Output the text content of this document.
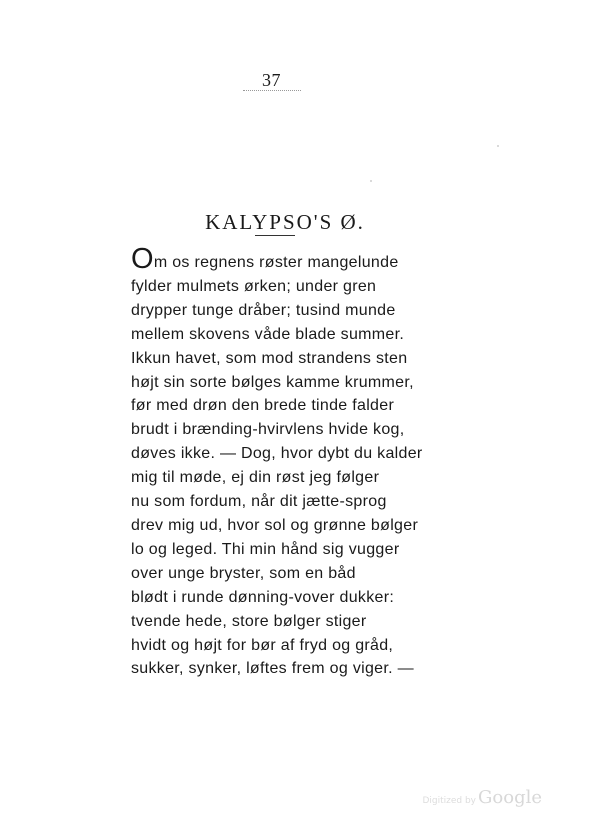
37
KALYPSO'S Ø.
Om os regnens røster mangelunde
fylder mulmets ørken; under gren
drypper tunge dråber; tusind munde
mellem skovens våde blade summer.
Ikkun havet, som mod strandens sten
højt sin sorte bølges kamme krummer,
før med drøn den brede tinde falder
brudt i brænding-hvirvlens hvide kog,
døves ikke. — Dog, hvor dybt du kalder
mig til møde, ej din røst jeg følger
nu som fordum, når dit jætte-sprog
drev mig ud, hvor sol og grønne bølger
lo og leged. Thi min hånd sig vugger
over unge bryster, som en båd
blødt i runde dønning-vover dukker:
tvende hede, store bølger stiger
hvidt og højt for bør af fryd og gråd,
sukker, synker, løftes frem og viger. —
Digitized by Google
